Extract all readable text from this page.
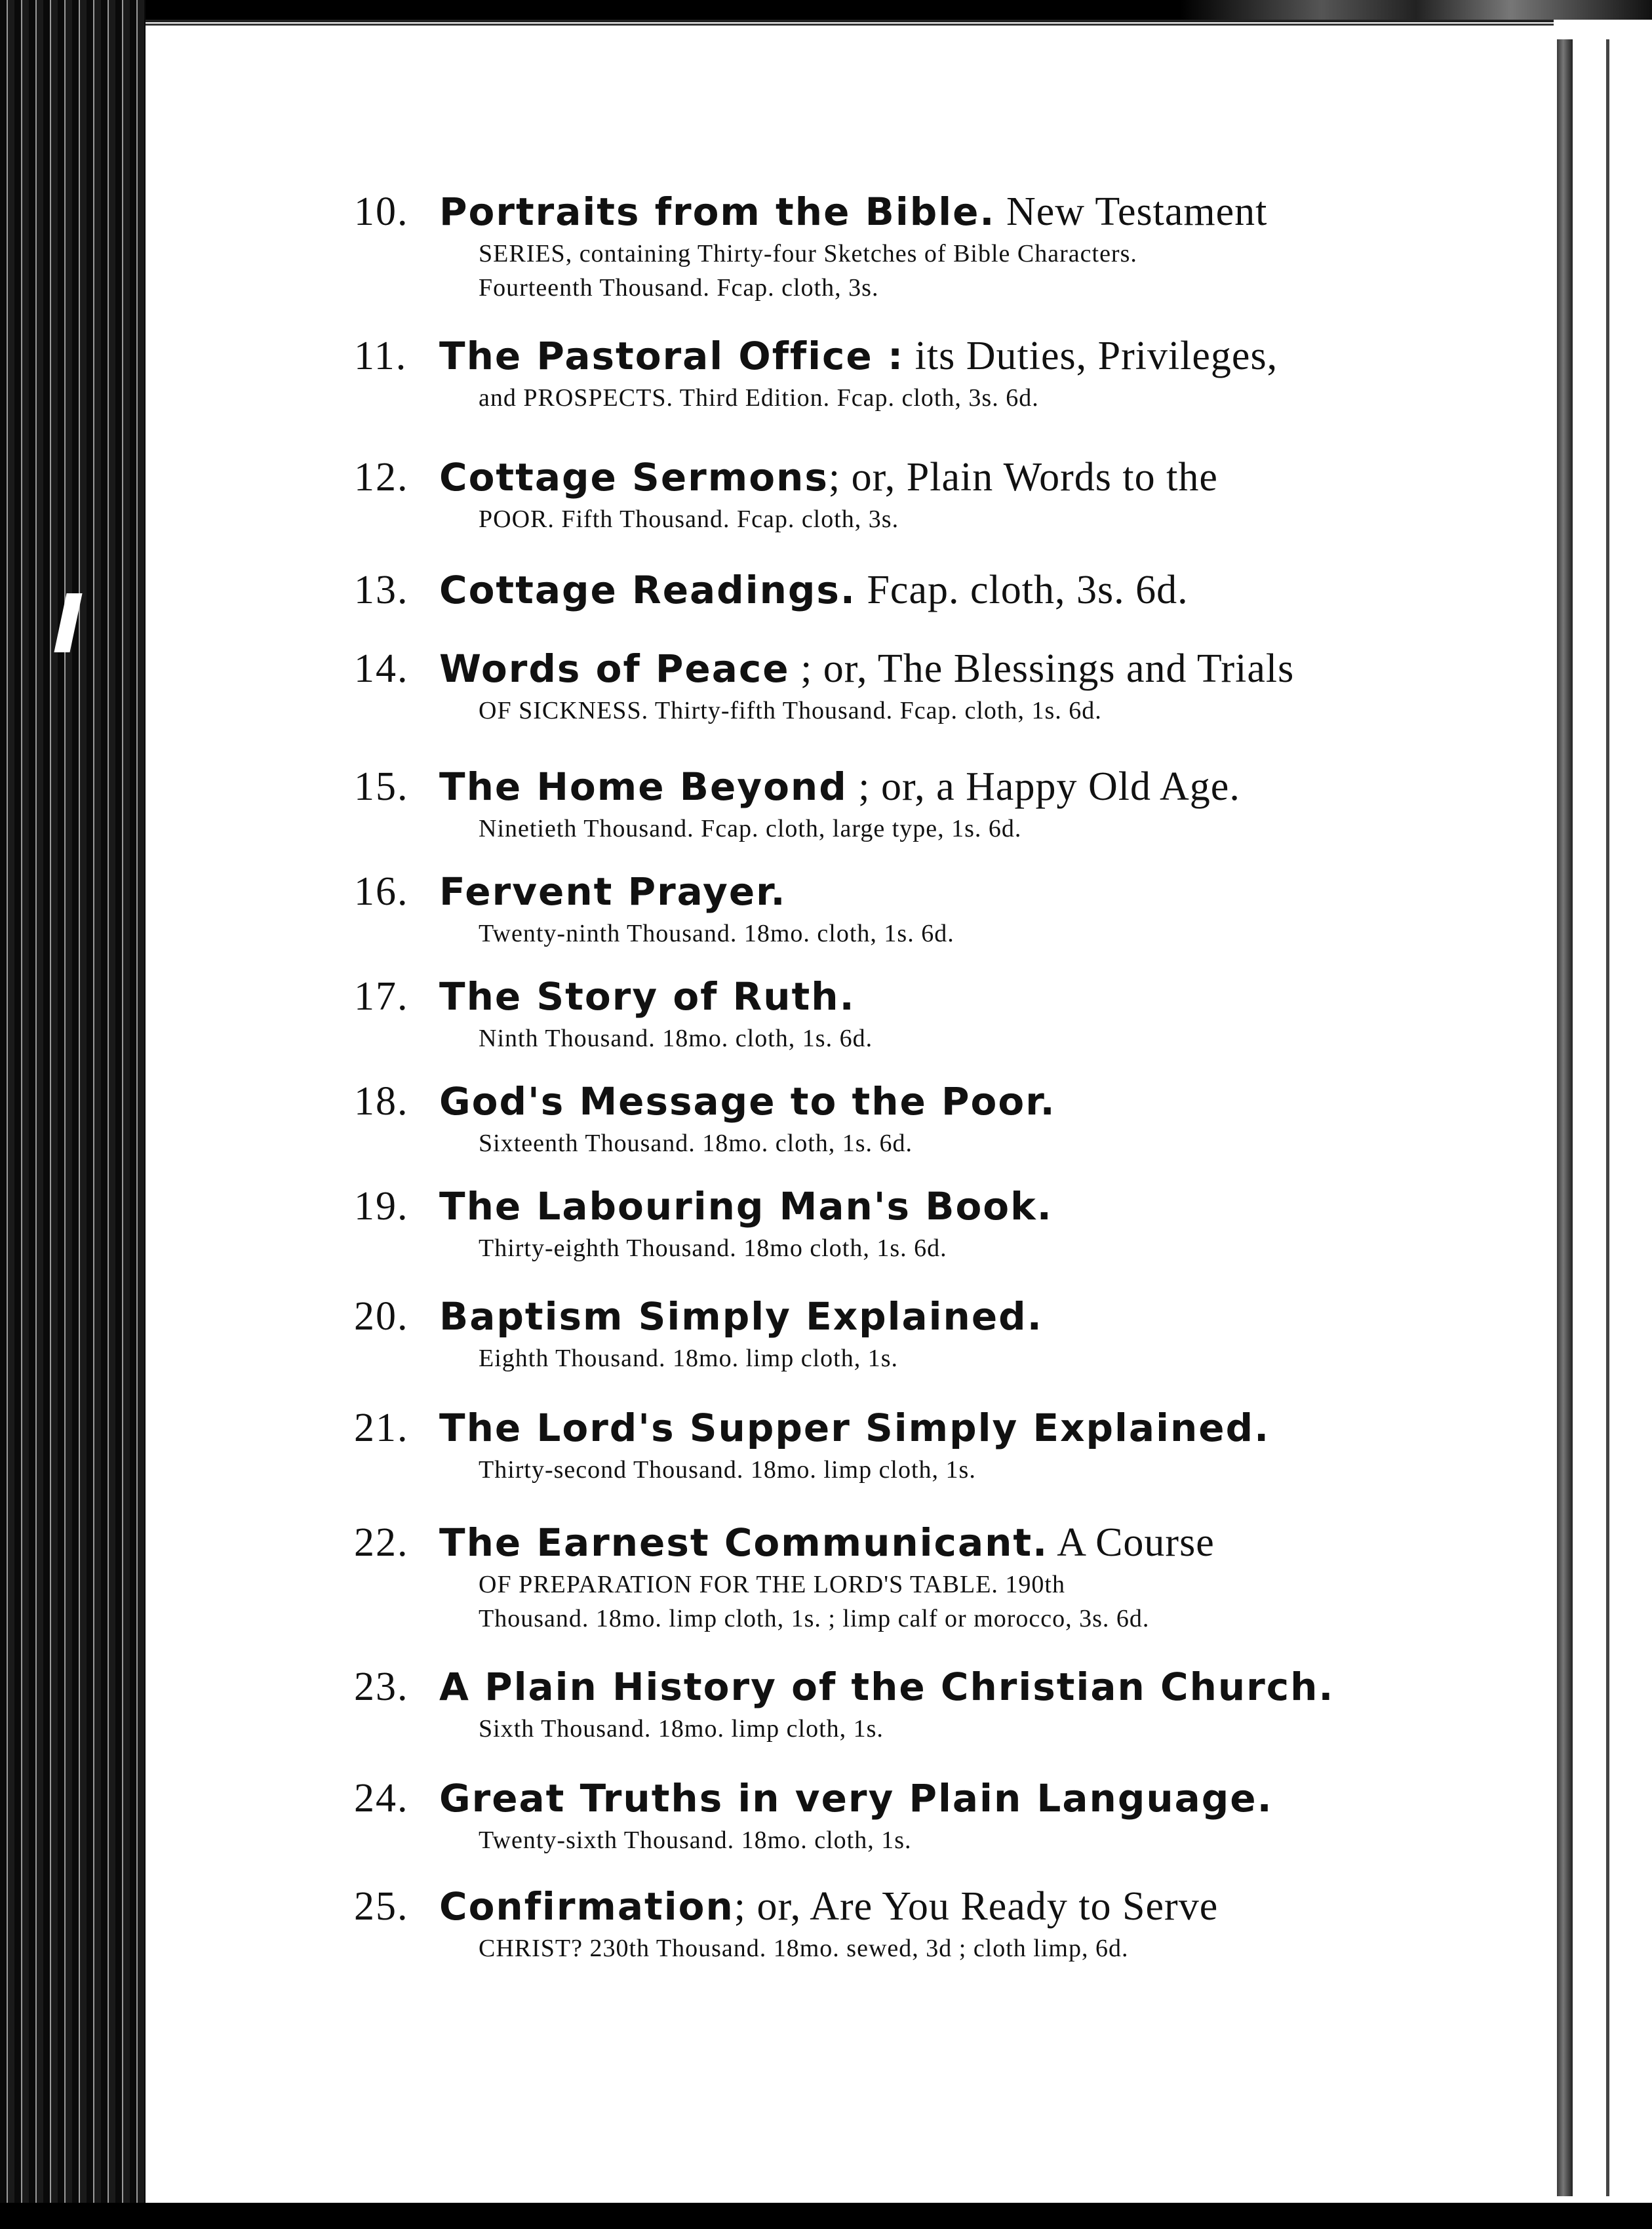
10. Portraits from the Bible. New Testament
SERIES, containing Thirty-four Sketches of Bible Characters.
Fourteenth Thousand. Fcap. cloth, 3s.
11. The Pastoral Office : its Duties, Privileges,
and PROSPECTS. Third Edition. Fcap. cloth, 3s. 6d.
12. Cottage Sermons; or, Plain Words to the
POOR. Fifth Thousand. Fcap. cloth, 3s.
13. Cottage Readings. Fcap. cloth, 3s. 6d.
14. Words of Peace ; or, The Blessings and Trials
OF SICKNESS. Thirty-fifth Thousand. Fcap. cloth, 1s. 6d.
15. The Home Beyond ; or, a Happy Old Age.
Ninetieth Thousand. Fcap. cloth, large type, 1s. 6d.
16. Fervent Prayer.
Twenty-ninth Thousand. 18mo. cloth, 1s. 6d.
17. The Story of Ruth.
Ninth Thousand. 18mo. cloth, 1s. 6d.
18. God's Message to the Poor.
Sixteenth Thousand. 18mo. cloth, 1s. 6d.
19. The Labouring Man's Book.
Thirty-eighth Thousand. 18mo cloth, 1s. 6d.
20. Baptism Simply Explained.
Eighth Thousand. 18mo. limp cloth, 1s.
21. The Lord's Supper Simply Explained.
Thirty-second Thousand. 18mo. limp cloth, 1s.
22. The Earnest Communicant. A Course
OF PREPARATION FOR THE LORD'S TABLE. 190th
Thousand. 18mo. limp cloth, 1s. ; limp calf or morocco, 3s. 6d.
23. A Plain History of the Christian Church.
Sixth Thousand. 18mo. limp cloth, 1s.
24. Great Truths in very Plain Language.
Twenty-sixth Thousand. 18mo. cloth, 1s.
25. Confirmation; or, Are You Ready to Serve
CHRIST? 230th Thousand. 18mo. sewed, 3d ; cloth limp, 6d.
